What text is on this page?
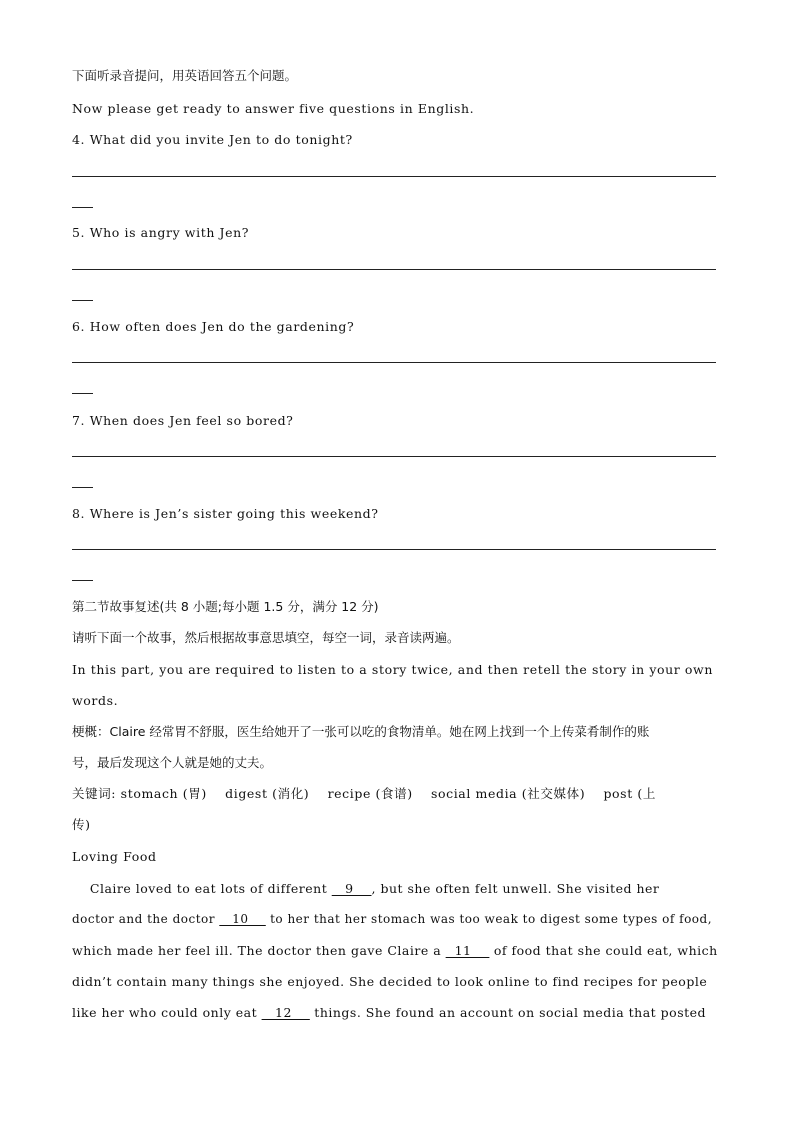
下面听录音提问，用英语回答五个问题。
Now please get ready to answer five questions in English.
4. What did you invite Jen to do tonight?
5. Who is angry with Jen?
6. How often does Jen do the gardening?
7. When does Jen feel so bored?
8. Where is Jen’s sister going this weekend?
第二节故事复述(共 8 小题;每小题 1.5 分，满分 12 分)
请听下面一个故事，然后根据故事意思填空，每空一词，录音读两遍。
In this part, you are required to listen to a story twice, and then retell the story in your own
words.
梗概：Claire 经常胃不舒服，医生给她开了一张可以吃的食物清单。她在网上找到一个上传菜肴制作的账
号，最后发现这个人就是她的丈夫。
关键词: stomach (胃)    digest (消化)    recipe (食谱)    social media (社交媒体)    post (上
传)
Loving Food
Claire loved to eat lots of different    9    , but she often felt unwell. She visited her
doctor and the doctor    10     to her that her stomach was too weak to digest some types of food,
which made her feel ill. The doctor then gave Claire a   11     of food that she could eat, which
didn’t contain many things she enjoyed. She decided to look online to find recipes for people
like her who could only eat    12     things. She found an account on social media that posted
